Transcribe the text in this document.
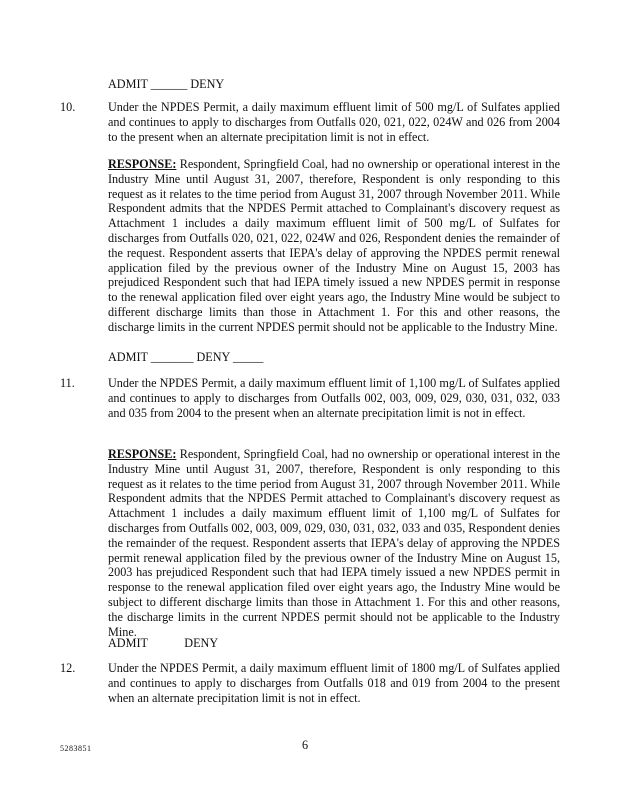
ADMIT ______ DENY
10.	Under the NPDES Permit, a daily maximum effluent limit of 500 mg/L of Sulfates applied and continues to apply to discharges from Outfalls 020, 021, 022, 024W and 026 from 2004 to the present when an alternate precipitation limit is not in effect.
RESPONSE: Respondent, Springfield Coal, had no ownership or operational interest in the Industry Mine until August 31, 2007, therefore, Respondent is only responding to this request as it relates to the time period from August 31, 2007 through November 2011. While Respondent admits that the NPDES Permit attached to Complainant's discovery request as Attachment 1 includes a daily maximum effluent limit of 500 mg/L of Sulfates for discharges from Outfalls 020, 021, 022, 024W and 026, Respondent denies the remainder of the request. Respondent asserts that IEPA's delay of approving the NPDES permit renewal application filed by the previous owner of the Industry Mine on August 15, 2003 has prejudiced Respondent such that had IEPA timely issued a new NPDES permit in response to the renewal application filed over eight years ago, the Industry Mine would be subject to different discharge limits than those in Attachment 1. For this and other reasons, the discharge limits in the current NPDES permit should not be applicable to the Industry Mine.
ADMIT _______ DENY _____
11.	Under the NPDES Permit, a daily maximum effluent limit of 1,100 mg/L of Sulfates applied and continues to apply to discharges from Outfalls 002, 003, 009, 029, 030, 031, 032, 033 and 035 from 2004 to the present when an alternate precipitation limit is not in effect.
RESPONSE: Respondent, Springfield Coal, had no ownership or operational interest in the Industry Mine until August 31, 2007, therefore, Respondent is only responding to this request as it relates to the time period from August 31, 2007 through November 2011. While Respondent admits that the NPDES Permit attached to Complainant's discovery request as Attachment 1 includes a daily maximum effluent limit of 1,100 mg/L of Sulfates for discharges from Outfalls 002, 003, 009, 029, 030, 031, 032, 033 and 035, Respondent denies the remainder of the request. Respondent asserts that IEPA's delay of approving the NPDES permit renewal application filed by the previous owner of the Industry Mine on August 15, 2003 has prejudiced Respondent such that had IEPA timely issued a new NPDES permit in response to the renewal application filed over eight years ago, the Industry Mine would be subject to different discharge limits than those in Attachment 1. For this and other reasons, the discharge limits in the current NPDES permit should not be applicable to the Industry Mine.
ADMIT            DENY
12.	Under the NPDES Permit, a daily maximum effluent limit of 1800 mg/L of Sulfates applied and continues to apply to discharges from Outfalls 018 and 019 from 2004 to the present when an alternate precipitation limit is not in effect.
5283851	6
